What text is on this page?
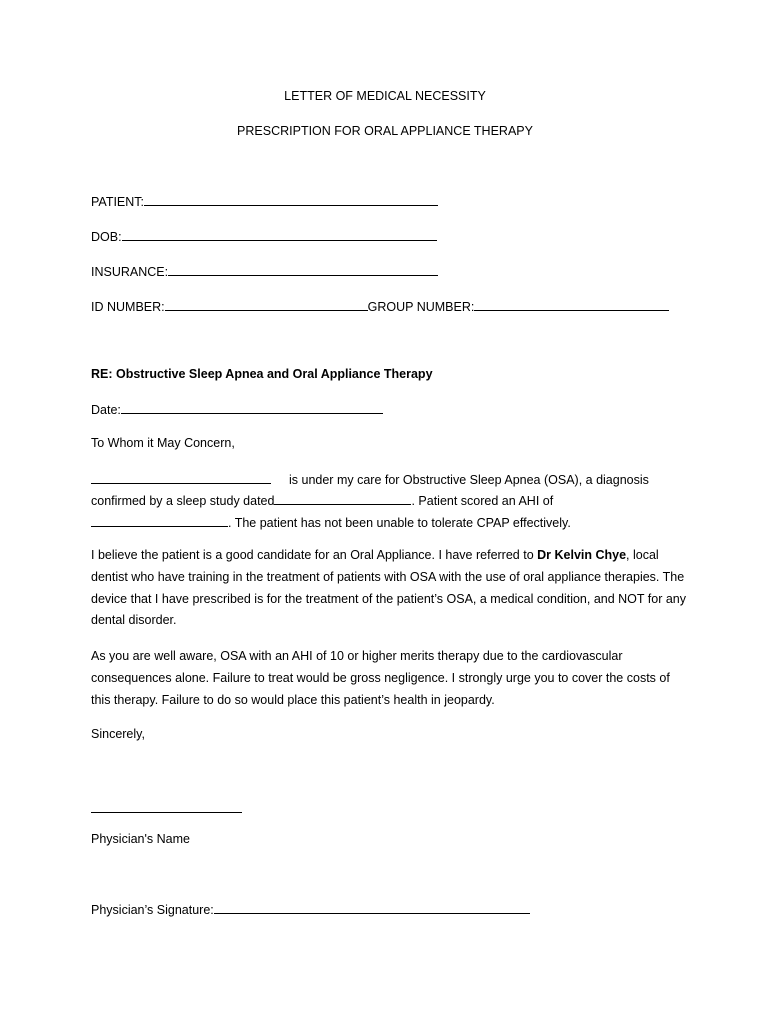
LETTER OF MEDICAL NECESSITY
PRESCRIPTION FOR ORAL APPLIANCE THERAPY
PATIENT:
DOB:
INSURANCE:
ID NUMBER:	GROUP NUMBER:
RE: Obstructive Sleep Apnea and Oral Appliance Therapy
Date:
To Whom it May Concern,
is under my care for Obstructive Sleep Apnea (OSA), a diagnosis
confirmed by a sleep study dated	. Patient scored an AHI of
. The patient has not been unable to tolerate CPAP effectively.
I believe the patient is a good candidate for an Oral Appliance. I have referred to Dr Kelvin Chye, local dentist who have training in the treatment of patients with OSA with the use of oral appliance therapies. The device that I have prescribed is for the treatment of the patient’s OSA, a medical condition, and NOT for any dental disorder.
As you are well aware, OSA with an AHI of 10 or higher merits therapy due to the cardiovascular consequences alone. Failure to treat would be gross negligence. I strongly urge you to cover the costs of this therapy. Failure to do so would place this patient’s health in jeopardy.
Sincerely,
Physician's Name
Physician’s Signature:
